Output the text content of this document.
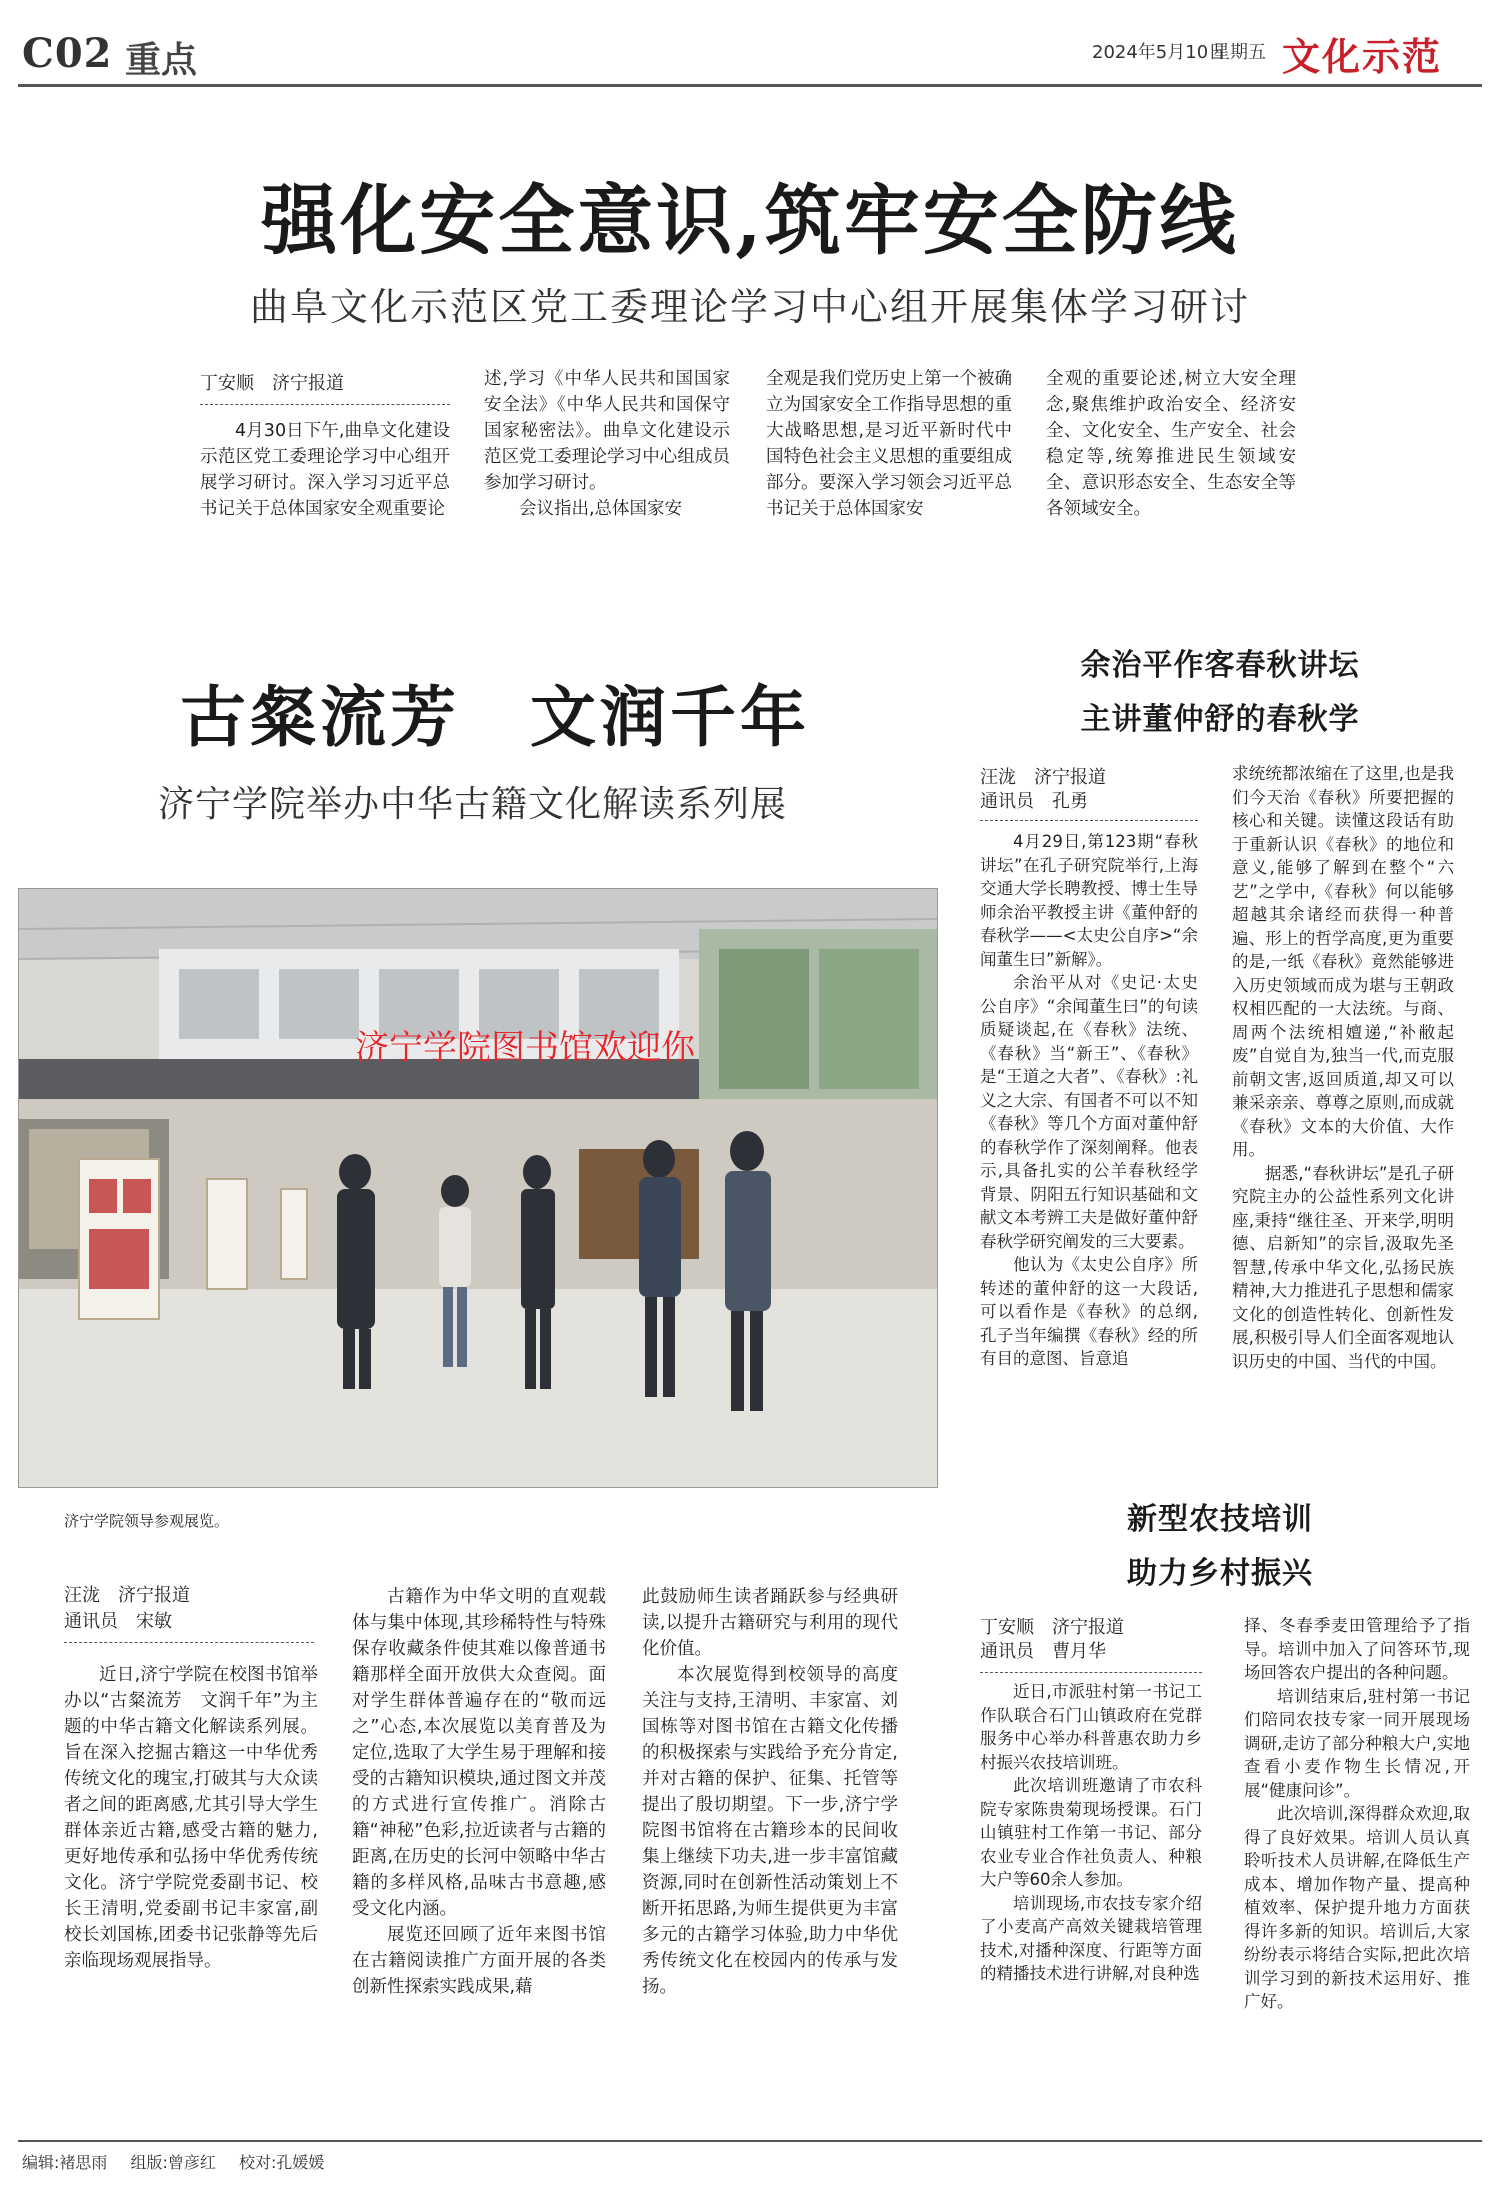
C02 重点	2024年5月10日
星期五 文化示范
强化安全意识,筑牢安全防线
曲阜文化示范区党工委理论学习中心组开展集体学习研讨
丁安顺　济宁报道

4月30日下午,曲阜文化建设示范区党工委理论学习中心组开展学习研讨。深入学习习近平总书记关于总体国家安全观重要论

述,学习《中华人民共和国国家安全法》《中华人民共和国保守国家秘密法》。曲阜文化建设示范区党工委理论学习中心组成员参加学习研讨。

会议指出,总体国家安

全观是我们党历史上第一个被确立为国家安全工作指导思想的重大战略思想,是习近平新时代中国特色社会主义思想的重要组成部分。要深入学习领会习近平总书记关于总体国家安

全观的重要论述,树立大安全理念,聚焦维护政治安全、经济安全、文化安全、生产安全、社会稳定等,统筹推进民生领域安全、意识形态安全、生态安全等各领域安全。

古粲流芳　文润千年
济宁学院举办中华古籍文化解读系列展
济宁学院图书馆欢迎你
济宁学院领导参观展览。
汪泷　济宁报道
通讯员　宋敏

近日,济宁学院在校图书馆举办以“古粲流芳　文润千年”为主题的中华古籍文化解读系列展。旨在深入挖掘古籍这一中华优秀传统文化的瑰宝,打破其与大众读者之间的距离感,尤其引导大学生群体亲近古籍,感受古籍的魅力,更好地传承和弘扬中华优秀传统文化。济宁学院党委副书记、校长王清明,党委副书记丰家富,副校长刘国栋,团委书记张静等先后亲临现场观展指导。

古籍作为中华文明的直观载体与集中体现,其珍稀特性与特殊保存收藏条件使其难以像普通书籍那样全面开放供大众查阅。面对学生群体普遍存在的“敬而远之”心态,本次展览以美育普及为定位,选取了大学生易于理解和接受的古籍知识模块,通过图文并茂的方式进行宣传推广。消除古籍“神秘”色彩,拉近读者与古籍的距离,在历史的长河中领略中华古籍的多样风格,品味古书意趣,感受文化内涵。

展览还回顾了近年来图书馆在古籍阅读推广方面开展的各类创新性探索实践成果,藉

此鼓励师生读者踊跃参与经典研读,以提升古籍研究与利用的现代化价值。

本次展览得到校领导的高度关注与支持,王清明、丰家富、刘国栋等对图书馆在古籍文化传播的积极探索与实践给予充分肯定,并对古籍的保护、征集、托管等提出了殷切期望。下一步,济宁学院图书馆将在古籍珍本的民间收集上继续下功夫,进一步丰富馆藏资源,同时在创新性活动策划上不断开拓思路,为师生提供更为丰富多元的古籍学习体验,助力中华优秀传统文化在校园内的传承与发扬。

余治平作客春秋讲坛
主讲董仲舒的春秋学
汪泷　济宁报道
通讯员　孔勇

4月29日,第123期“春秋讲坛”在孔子研究院举行,上海交通大学长聘教授、博士生导师余治平教授主讲《董仲舒的春秋学——<太史公自序>“余闻董生曰”新解》。

余治平从对《史记·太史公自序》“余闻董生曰”的句读质疑谈起,在《春秋》法统、《春秋》当“新王”、《春秋》是“王道之大者”、《春秋》:礼义之大宗、有国者不可以不知《春秋》等几个方面对董仲舒的春秋学作了深刻阐释。他表示,具备扎实的公羊春秋经学背景、阴阳五行知识基础和文献文本考辨工夫是做好董仲舒春秋学研究阐发的三大要素。

他认为《太史公自序》所转述的董仲舒的这一大段话,可以看作是《春秋》的总纲,孔子当年编撰《春秋》经的所有目的意图、旨意追

求统统都浓缩在了这里,也是我们今天治《春秋》所要把握的核心和关键。读懂这段话有助于重新认识《春秋》的地位和意义,能够了解到在整个“六艺”之学中,《春秋》何以能够超越其余诸经而获得一种普遍、形上的哲学高度,更为重要的是,一纸《春秋》竟然能够进入历史领域而成为堪与王朝政权相匹配的一大法统。与商、周两个法统相嬗递,“补敝起废”自觉自为,独当一代,而克服前朝文害,返回质道,却又可以兼采亲亲、尊尊之原则,而成就《春秋》文本的大价值、大作用。

据悉,“春秋讲坛”是孔子研究院主办的公益性系列文化讲座,秉持“继往圣、开来学,明明德、启新知”的宗旨,汲取先圣智慧,传承中华文化,弘扬民族精神,大力推进孔子思想和儒家文化的创造性转化、创新性发展,积极引导人们全面客观地认识历史的中国、当代的中国。

新型农技培训
助力乡村振兴
丁安顺　济宁报道
通讯员　曹月华

近日,市派驻村第一书记工作队联合石门山镇政府在党群服务中心举办科普惠农助力乡村振兴农技培训班。

此次培训班邀请了市农科院专家陈贵菊现场授课。石门山镇驻村工作第一书记、部分农业专业合作社负责人、种粮大户等60余人参加。

培训现场,市农技专家介绍了小麦高产高效关键栽培管理技术,对播种深度、行距等方面的精播技术进行讲解,对良种选

择、冬春季麦田管理给予了指导。培训中加入了问答环节,现场回答农户提出的各种问题。

培训结束后,驻村第一书记们陪同农技专家一同开展现场调研,走访了部分种粮大户,实地查看小麦作物生长情况,开展“健康问诊”。

此次培训,深得群众欢迎,取得了良好效果。培训人员认真聆听技术人员讲解,在降低生产成本、增加作物产量、提高种植效率、保护提升地力方面获得许多新的知识。培训后,大家纷纷表示将结合实际,把此次培训学习到的新技术运用好、推广好。

编辑:褚思雨 组版:曾彦红 校对:孔媛媛
